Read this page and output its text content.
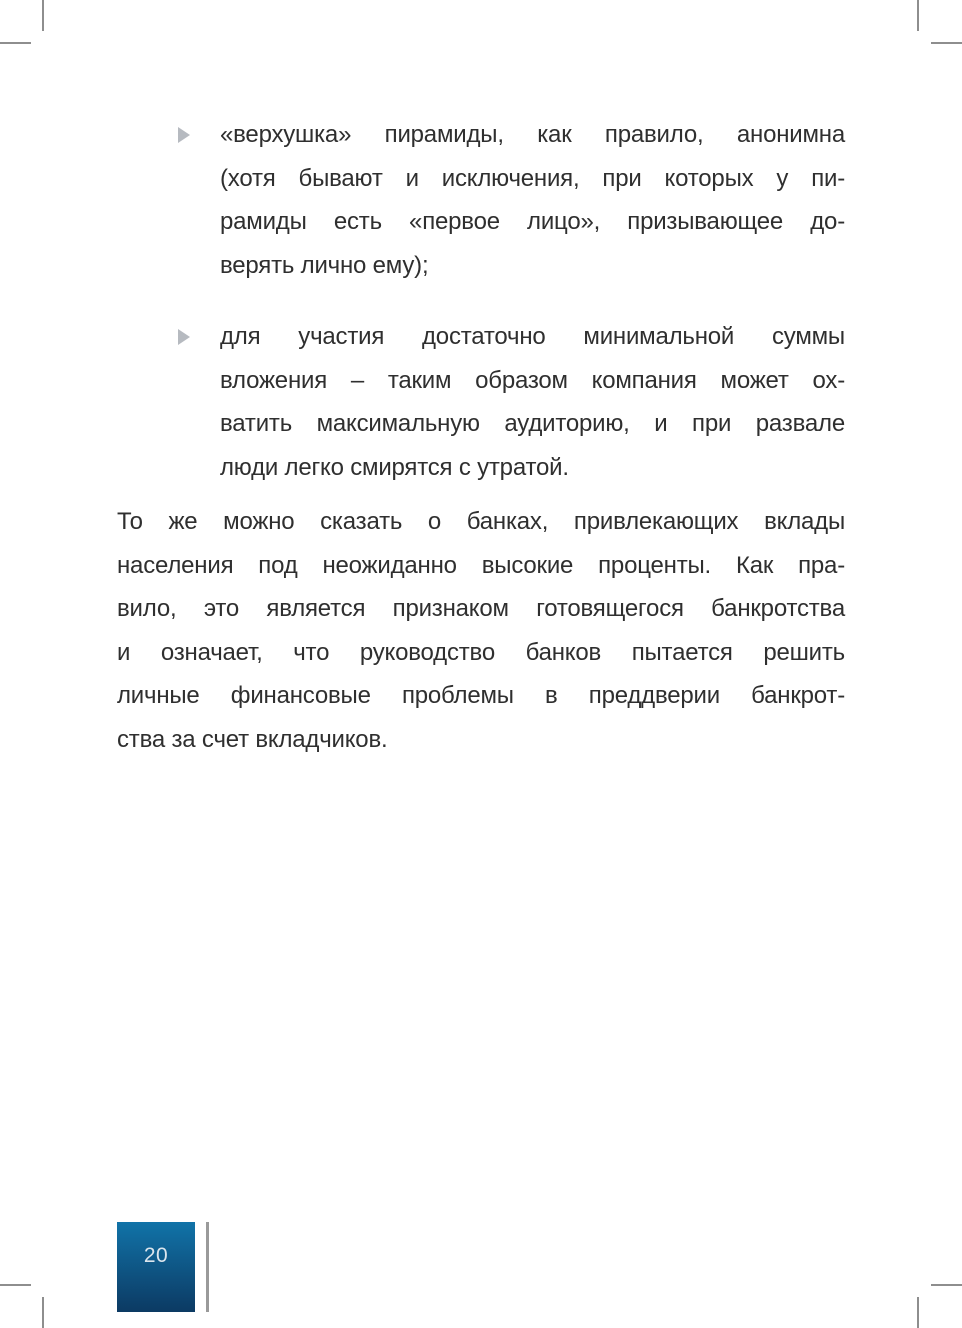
«верхушка» пирамиды, как правило, анонимна
(хотя бывают и исключения, при которых у пи-
рамиды есть «первое лицо», призывающее до-
верять лично ему);
для участия достаточно минимальной суммы
вложения – таким образом компания может ох-
ватить максимальную аудиторию, и при развале
люди легко смирятся с утратой.
То же можно сказать о банках, привлекающих вклады
населения под неожиданно высокие проценты. Как пра-
вило, это является признаком готовящегося банкротства
и означает, что руководство банков пытается решить
личные финансовые проблемы в преддверии банкрот-
ства за счет вкладчиков.
20
